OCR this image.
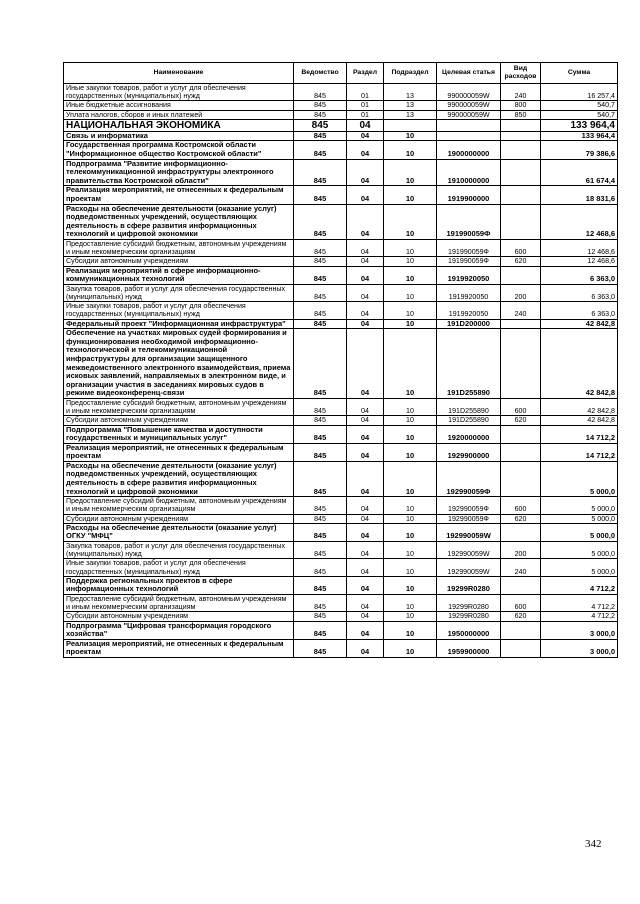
Наименование	Ведомство	Раздел	Подраздел	Целевая статья	Вид расходов	Сумма
Иные закупки товаров, работ и услуг для обеспечения государственных (муниципальных) нужд	845	01	13	990000059W	240	16 257,4
Иные бюджетные ассигнования	845	01	13	990000059W	800	540,7
Уплата налогов, сборов и иных платежей	845	01	13	990000059W	850	540,7
НАЦИОНАЛЬНАЯ ЭКОНОМИКА	845	04				133 964,4
Связь и информатика	845	04	10			133 964,4
Государственная программа Костромской области "Информационное общество Костромской области"	845	04	10	1900000000		79 386,6
Подпрограмма "Развитие информационно-телекоммуникационной инфраструктуры электронного правительства Костромской области"	845	04	10	1910000000		61 674,4
Реализация мероприятий, не отнесенных к федеральным проектам	845	04	10	1919900000		18 831,6
Расходы на обеспечение деятельности (оказание услуг) подведомственных учреждений, осуществляющих деятельность в сфере развития информационных технологий и цифровой экономики	845	04	10	191990059Ф		12 468,6
Предоставление субсидий бюджетным, автономным учреждениям и иным некоммерческим организациям	845	04	10	191990059Ф	600	12 468,6
Субсидии автономным учреждениям	845	04	10	191990059Ф	620	12 468,6
Реализация мероприятий в сфере информационно-коммуникационных технологий	845	04	10	1919920050		6 363,0
Закупка товаров, работ и услуг для обеспечения государственных (муниципальных) нужд	845	04	10	1919920050	200	6 363,0
Иные закупки товаров, работ и услуг для обеспечения государственных (муниципальных) нужд	845	04	10	1919920050	240	6 363,0
Федеральный проект "Информационная инфраструктура"	845	04	10	191D200000		42 842,8
Обеспечение на участках мировых судей формирования и функционирования необходимой информационно-технологической и телекоммуникационной инфраструктуры для организации защищенного межведомственного электронного взаимодействия, приема исковых заявлений, направляемых в электронном виде, и организации участия в заседаниях мировых судов в режиме видеоконференц-связи	845	04	10	191D255890		42 842,8
Предоставление субсидий бюджетным, автономным учреждениям и иным некоммерческим организациям	845	04	10	191D255890	600	42 842,8
Субсидии автономным учреждениям	845	04	10	191D255890	620	42 842,8
Подпрограмма "Повышение качества и доступности государственных и муниципальных услуг"	845	04	10	1920000000		14 712,2
Реализация мероприятий, не отнесенных к федеральным проектам	845	04	10	1929900000		14 712,2
Расходы на обеспечение деятельности (оказание услуг) подведомственных учреждений, осуществляющих деятельность в сфере развития информационных технологий и цифровой экономики	845	04	10	192990059Ф		5 000,0
Предоставление субсидий бюджетным, автономным учреждениям и иным некоммерческим организациям	845	04	10	192990059Ф	600	5 000,0
Субсидии автономным учреждениям	845	04	10	192990059Ф	620	5 000,0
Расходы на обеспечение деятельности (оказание услуг) ОГКУ "МФЦ"	845	04	10	192990059W		5 000,0
Закупка товаров, работ и услуг для обеспечения государственных (муниципальных) нужд	845	04	10	192990059W	200	5 000,0
Иные закупки товаров, работ и услуг для обеспечения государственных (муниципальных) нужд	845	04	10	192990059W	240	5 000,0
Поддержка региональных проектов в сфере информационных технологий	845	04	10	19299R0280		4 712,2
Предоставление субсидий бюджетным, автономным учреждениям и иным некоммерческим организациям	845	04	10	19299R0280	600	4 712,2
Субсидии автономным учреждениям	845	04	10	19299R0280	620	4 712,2
Подпрограмма "Цифровая трансформация городского хозяйства"	845	04	10	1950000000		3 000,0
Реализация мероприятий, не отнесенных к федеральным проектам	845	04	10	1959900000		3 000,0
342
